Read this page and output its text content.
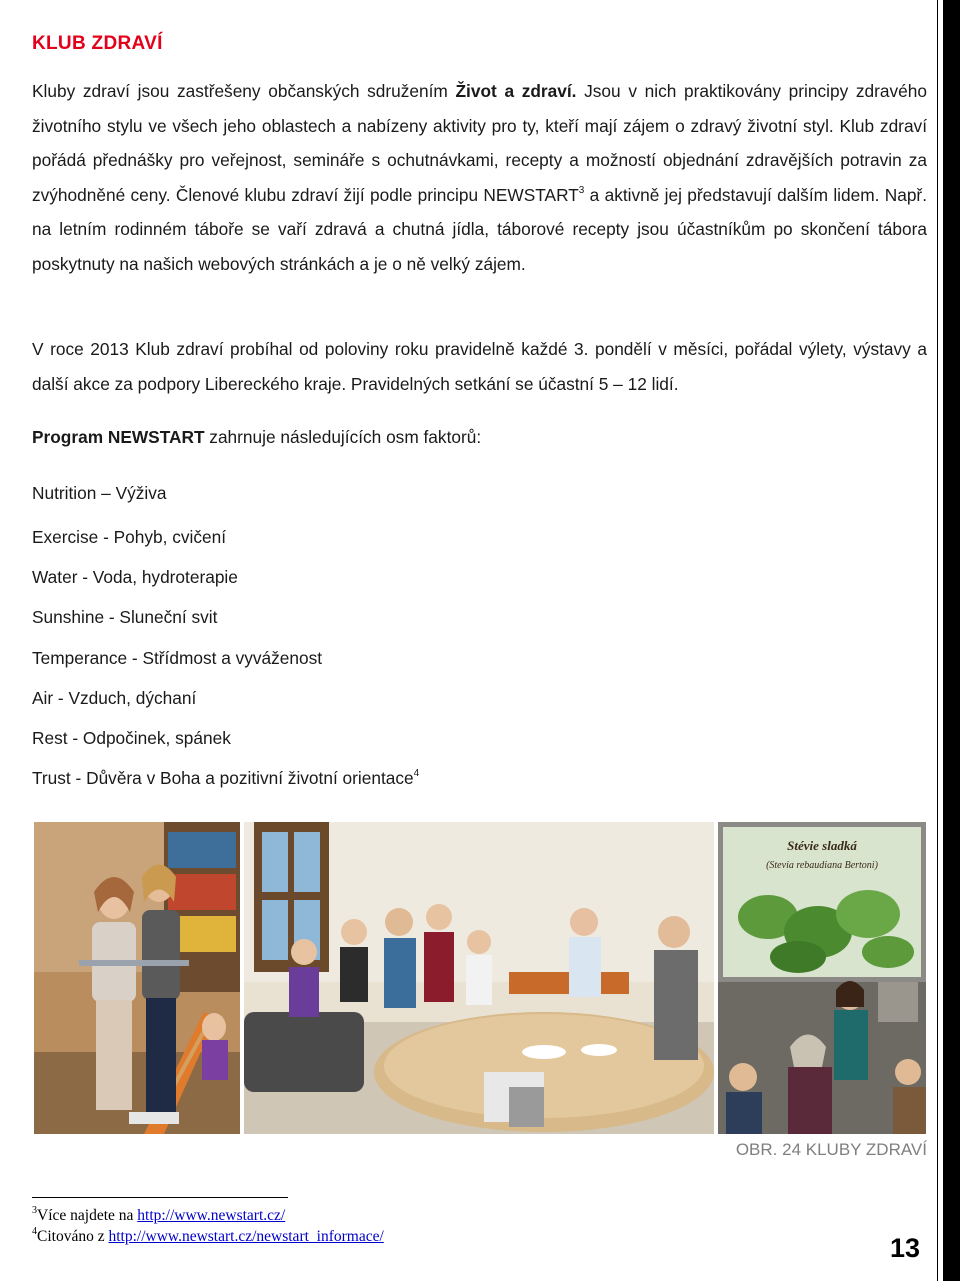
KLUB ZDRAVÍ

Kluby zdraví jsou zastřešeny občanských sdružením Život a zdraví. Jsou v nich praktikovány principy zdravého životního stylu ve všech jeho oblastech a nabízeny aktivity pro ty, kteří mají zájem o zdravý životní styl. Klub zdraví pořádá přednášky pro veřejnost, semináře s ochutnávkami, recepty a možností objednání zdravějších potravin za zvýhodněné ceny. Členové klubu zdraví žijí podle principu NEWSTART$^3$ a aktivně jej představují dalším lidem. Např. na letním rodinném táboře se vaří zdravá a chutná jídla, táborové recepty jsou účastníkům po skončení tábora poskytnuty na našich webových stránkách a je o ně velký zájem.

V roce 2013 Klub zdraví probíhal od poloviny roku pravidelně každé 3. pondělí v měsíci, pořádal výlety, výstavy a další akce za podpory Libereckého kraje. Pravidelných setkání se účastní 5 – 12 lidí.

Program NEWSTART zahrnuje následujících osm faktorů:

Nutrition – Výživa

Exercise - Pohyb, cvičení

Water - Voda, hydroterapie

Sunshine - Sluneční svit

Temperance - Střídmost a vyváženost

Air - Vzduch, dýchaní

Rest - Odpočinek, spánek

Trust - Důvěra v Boha a pozitivní životní orientace$^4$

Stévie sladká
(Stevia rebaudiana Bertoni)

OBR. 24 KLUBY ZDRAVÍ

$^3$Více najdete na http://www.newstart.cz/

$^4$Citováno z http://www.newstart.cz/newstart_informace/	13
